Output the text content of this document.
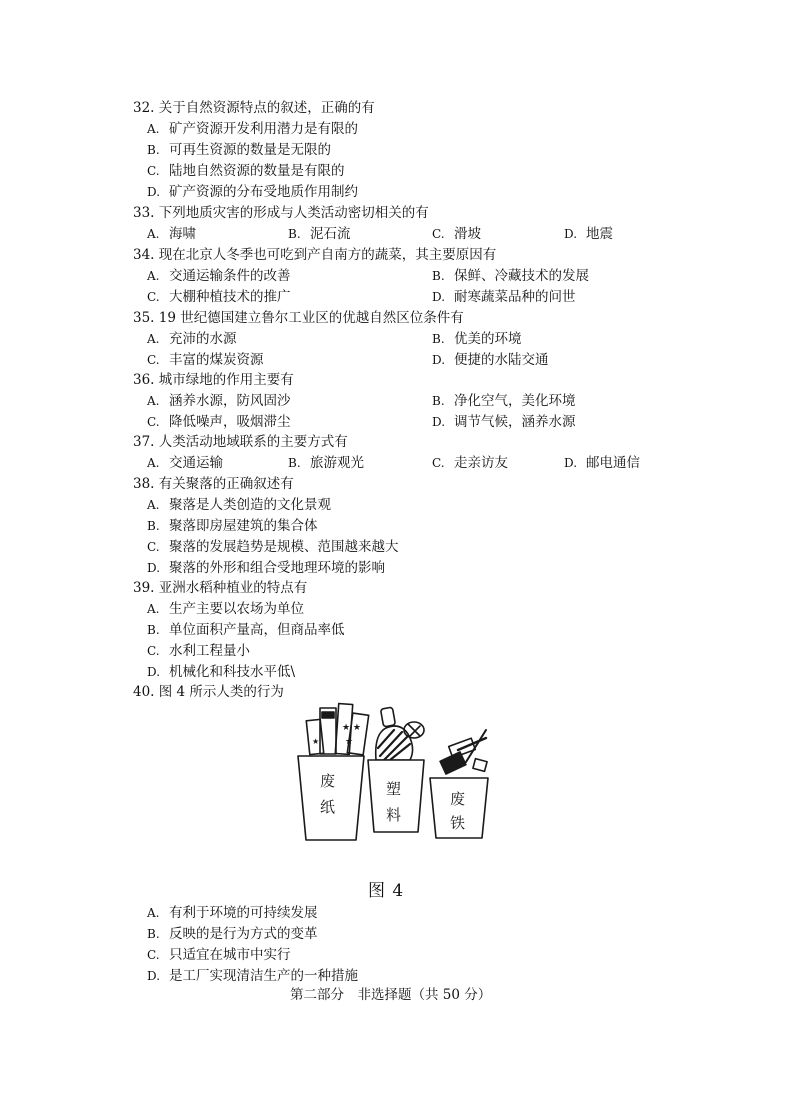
32. 关于自然资源特点的叙述，正确的有
A. 矿产资源开发利用潜力是有限的
B. 可再生资源的数量是无限的
C. 陆地自然资源的数量是有限的
D. 矿产资源的分布受地质作用制约
33. 下列地质灾害的形成与人类活动密切相关的有
A. 海啸	B. 泥石流	C. 滑坡	D. 地震
34. 现在北京人冬季也可吃到产自南方的蔬菜，其主要原因有
A. 交通运输条件的改善	B. 保鲜、冷藏技术的发展
C. 大棚种植技术的推广	D. 耐寒蔬菜品种的问世
35. 19 世纪德国建立鲁尔工业区的优越自然区位条件有
A. 充沛的水源	B. 优美的环境
C. 丰富的煤炭资源	D. 便捷的水陆交通
36. 城市绿地的作用主要有
A. 涵养水源，防风固沙	B. 净化空气，美化环境
C. 降低噪声，吸烟滞尘	D. 调节气候，涵养水源
37. 人类活动地域联系的主要方式有
A. 交通运输	B. 旅游观光	C. 走亲访友	D. 邮电通信
38. 有关聚落的正确叙述有
A. 聚落是人类创造的文化景观
B. 聚落即房屋建筑的集合体
C. 聚落的发展趋势是规模、范围越来越大
D. 聚落的外形和组合受地理环境的影响
39. 亚洲水稻种植业的特点有
A. 生产主要以农场为单位
B. 单位面积产量高，但商品率低
C. 水利工程量小
D. 机械化和科技水平低\
40. 图 4 所示人类的行为
★ ★
★
★
废
纸
塑
料
废
铁
图 4
A. 有利于环境的可持续发展
B. 反映的是行为方式的变革
C. 只适宜在城市中实行
D. 是工厂实现清洁生产的一种措施
第二部分　非选择题（共 50 分）
